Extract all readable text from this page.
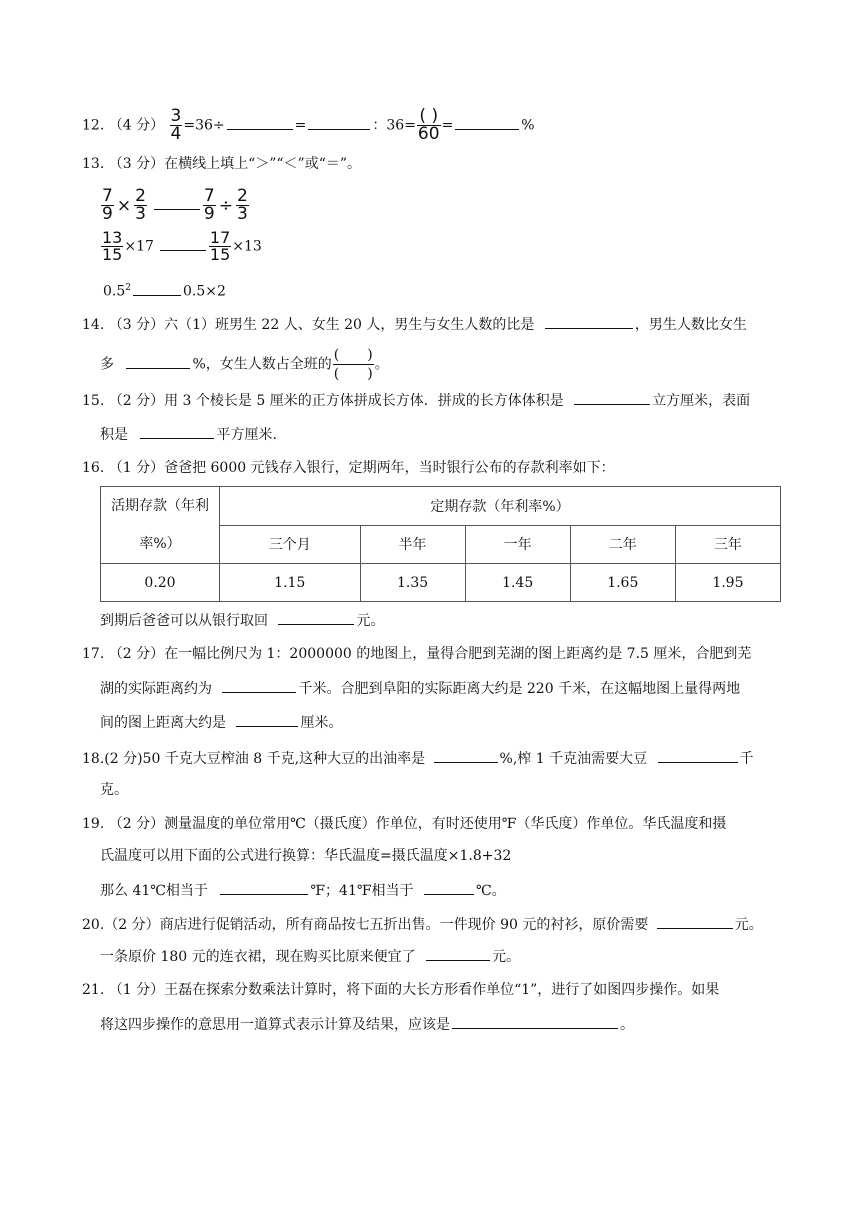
12. （4 分） $\frac{3}{4} =36\div$	=	：$36= \frac{( )}{60}$ =	%
13. （3 分）在横线上填上“＞”“＜”或“＝”。
$\frac{7}{9} \times \frac{2}{3}$	$\frac{7}{9} \div \frac{2}{3}$
$\frac{13}{15} \times 17$	$\frac{17}{15} \times 13$
$0.5^2$	0.5×2
14. （3 分）六（1）班男生 22 人、女生 20 人，男生与女生人数的比是	，男生人数比女生
多	%，女生人数占全班的 $\frac{( )}{( )}$ 。
15. （2 分）用 3 个棱长是 5 厘米的正方体拼成长方体．拼成的长方体体积是	立方厘米，表面
积是	平方厘米.
16. （1 分）爸爸把 6000 元钱存入银行，定期两年，当时银行公布的存款利率如下：
活期存款（年利
率%）	定期存款（年利率%）				
	三个月	半年	一年	二年	三年
0.20	1.15	1.35	1.45	1.65	1.95
到期后爸爸可以从银行取回	元。
17. （2 分）在一幅比例尺为 1：2000000 的地图上，量得合肥到芜湖的图上距离约是 7.5 厘米，合肥到芜
湖的实际距离约为	千米。合肥到阜阳的实际距离大约是 220 千米，在这幅地图上量得两地
间的图上距离大约是	厘米。
18.(2 分)50 千克大豆榨油 8 千克,这种大豆的出油率是	%,榨 1 千克油需要大豆	千
克。
19. （2 分）测量温度的单位常用℃（摄氏度）作单位，有时还使用℉（华氏度）作单位。华氏温度和摄
氏温度可以用下面的公式进行换算：华氏温度=摄氏温度×1.8+32
那么 41℃相当于	℉；41℉相当于	℃。
20.（2 分）商店进行促销活动，所有商品按七五折出售。一件现价 90 元的衬衫，原价需要	元。
一条原价 180 元的连衣裙，现在购买比原来便宜了	元。
21. （1 分）王磊在探索分数乘法计算时，将下面的大长方形看作单位“1”，进行了如图四步操作。如果
将这四步操作的意思用一道算式表示计算及结果，应该是	。
